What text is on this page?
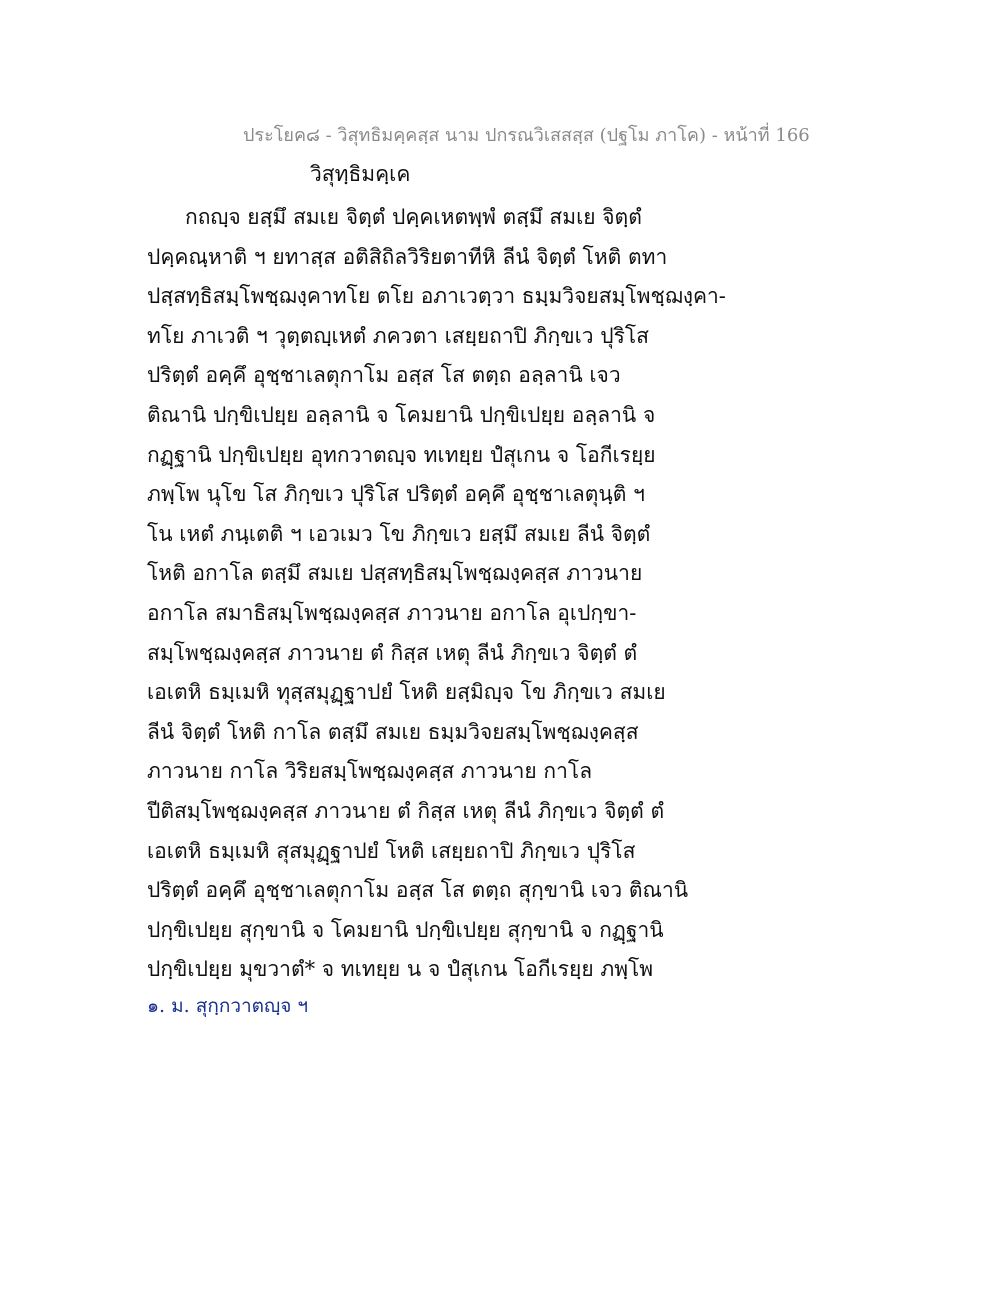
ประโยค๘ - วิสุทธิมคฺคสฺส นาม ปกรณวิเสสสฺส (ปฐโม ภาโค) - หน้าที่ 166
วิสุทฺธิมคฺเค
กถญฺจ ยสฺมึ สมเย จิตฺตํ ปคฺคเหตพฺพํ ตสฺมึ สมเย จิตฺตํ
ปคฺคณฺหาติ ฯ ยทาสฺส อติสิถิลวิริยตาทีหิ ลีนํ จิตฺตํ โหติ ตทา
ปสฺสทฺธิสมฺโพชฺฌงฺคาทโย ตโย อภาเวตฺวา ธมฺมวิจยสมฺโพชฺฌงฺคา-
ทโย ภาเวติ ฯ วุตฺตญฺเหตํ ภควตา เสยฺยถาปิ ภิกฺขเว ปุริโส
ปริตฺตํ อคฺคึ อุชฺชาเลตุกาโม อสฺส โส ตตฺถ อลฺลานิ เจว
ติณานิ ปกฺขิเปยฺย อลฺลานิ จ โคมยานิ ปกฺขิเปยฺย อลฺลานิ จ
กฏฺฐานิ ปกฺขิเปยฺย อุทกวาตญฺจ ทเทยฺย ปํสุเกน จ โอกีเรยฺย
ภพฺโพ นุโข โส ภิกฺขเว ปุริโส ปริตฺตํ อคฺคึ อุชฺชาเลตุนฺติ ฯ
โน เหตํ ภนฺเตติ ฯ เอวเมว โข ภิกฺขเว ยสฺมึ สมเย ลีนํ จิตฺตํ
โหติ อกาโล ตสฺมึ สมเย ปสฺสทฺธิสมฺโพชฺฌงฺคสฺส ภาวนาย
อกาโล สมาธิสมฺโพชฺฌงฺคสฺส ภาวนาย อกาโล อุเปกฺขา-
สมฺโพชฺฌงฺคสฺส ภาวนาย ตํ กิสฺส เหตุ ลีนํ ภิกฺขเว จิตฺตํ ตํ
เอเตหิ ธมฺเมหิ ทุสฺสมุฏฺฐาปยํ โหติ ยสฺมิญฺจ โข ภิกฺขเว สมเย
ลีนํ จิตฺตํ โหติ กาโล ตสฺมึ สมเย ธมฺมวิจยสมฺโพชฺฌงฺคสฺส
ภาวนาย กาโล วิริยสมฺโพชฺฌงฺคสฺส ภาวนาย กาโล
ปีติสมฺโพชฺฌงฺคสฺส ภาวนาย ตํ กิสฺส เหตุ ลีนํ ภิกฺขเว จิตฺตํ ตํ
เอเตหิ ธมฺเมหิ สุสมุฏฺฐาปยํ โหติ เสยฺยถาปิ ภิกฺขเว ปุริโส
ปริตฺตํ อคฺคึ อุชฺชาเลตุกาโม อสฺส โส ตตฺถ สุกฺขานิ เจว ติณานิ
ปกฺขิเปยฺย สุกฺขานิ จ โคมยานิ ปกฺขิเปยฺย สุกฺขานิ จ กฏฺฐานิ
ปกฺขิเปยฺย มุขวาตํ* จ ทเทยฺย น จ ปํสุเกน โอกีเรยฺย ภพฺโพ
๑. ม. สุกฺกวาตญฺจ ฯ
